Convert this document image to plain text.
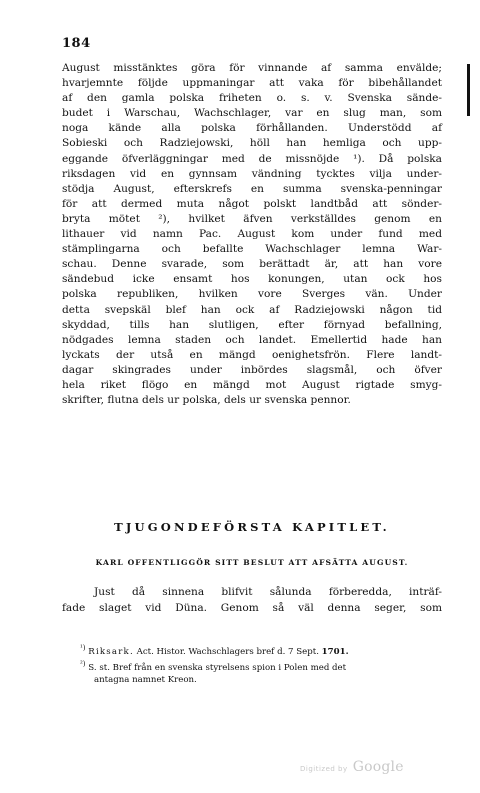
184
August misstänktes göra för vinnande af samma envälde;
hvarjemnte följde uppmaningar att vaka för bibehållandet
af den gamla polska friheten o. s. v. Svenska sände-
budet i Warschau, Wachschlager, var en slug man, som
noga kände alla polska förhållanden. Understödd af
Sobieski och Radziejowski, höll han hemliga och upp-
eggande öfverläggningar med de missnöjde ¹). Då polska
riksdagen vid en gynnsam vändning tycktes vilja under-
stödja August, efterskrefs en summa svenska-penningar
för att dermed muta något polskt landtbåd att sönder-
bryta mötet ²), hvilket äfven verkställdes genom en
lithauer vid namn Pac. August kom under fund med
stämplingarna och befallte Wachschlager lemna War-
schau. Denne svarade, som berättadt är, att han vore
sändebud icke ensamt hos konungen, utan ock hos
polska republiken, hvilken vore Sverges vän. Under
detta svepskäl blef han ock af Radziejowski någon tid
skyddad, tills han slutligen, efter förnyad befallning,
nödgades lemna staden och landet. Emellertid hade han
lyckats der utså en mängd oenighetsfrön. Flere landt-
dagar skingrades under inbördes slagsmål, och öfver
hela riket flögo en mängd mot August rigtade smyg-
skrifter, flutna dels ur polska, dels ur svenska pennor.
TJUGONDEFÖRSTA KAPITLET.
KARL OFFENTLIGGÖR SITT BESLUT ATT AFSÄTTA AUGUST.
Just då sinnena blifvit sålunda förberedda, inträf-
fade slaget vid Düna. Genom så väl denna seger, som
$^{^1)}$ Riksark. Act. Histor. Wachschlagers bref d. 7 Sept. 1701.
$^{^2)}$ S. st. Bref från en svenska styrelsens spion i Polen med det
antagna namnet Kreon.
Digitized by Google
